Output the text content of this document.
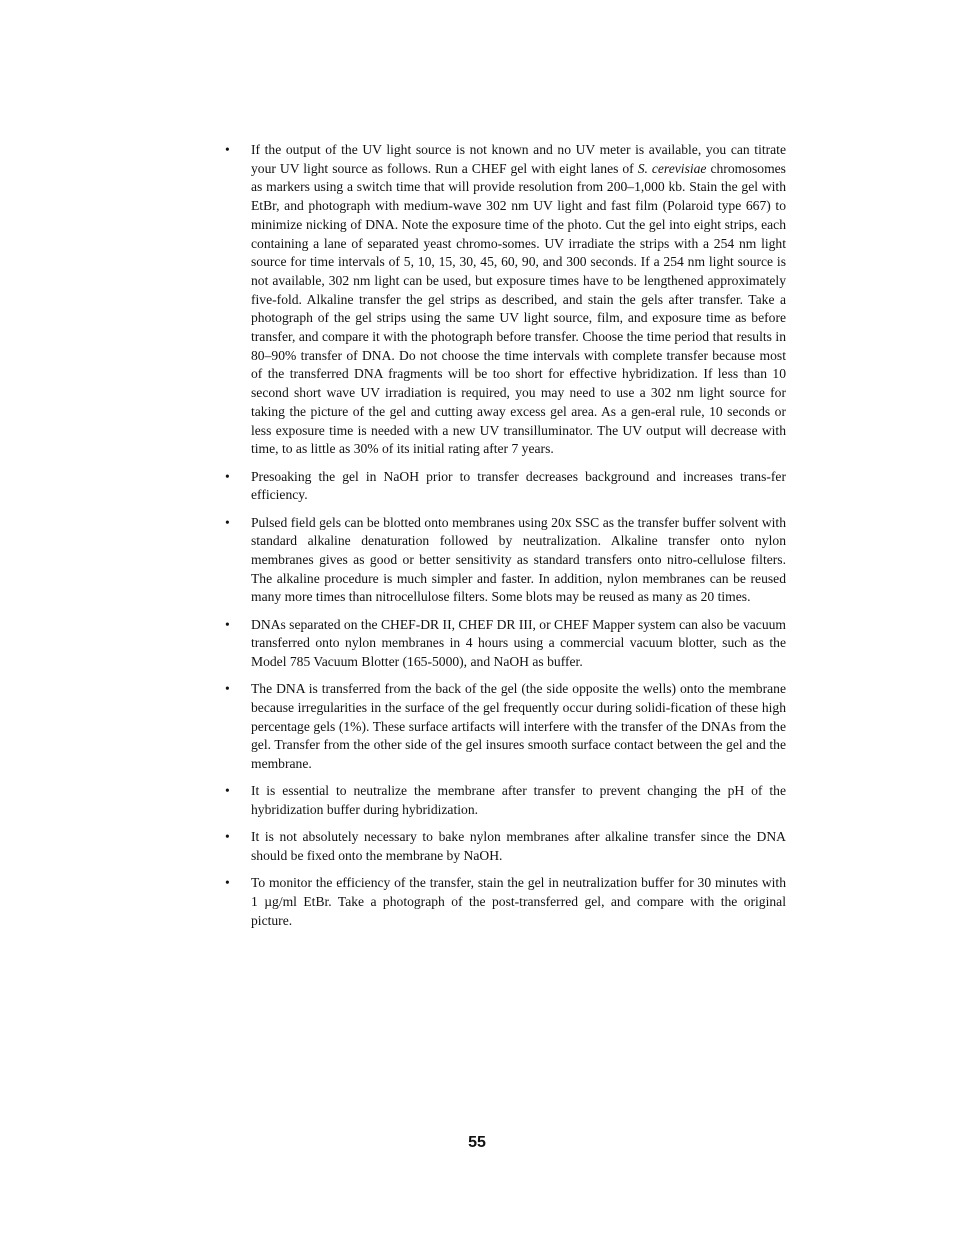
•	If the output of the UV light source is not known and no UV meter is available, you can titrate your UV light source as follows. Run a CHEF gel with eight lanes of S. cerevisiae chromosomes as markers using a switch time that will provide resolution from 200–1,000 kb. Stain the gel with EtBr, and photograph with medium-wave 302 nm UV light and fast film (Polaroid type 667) to minimize nicking of DNA. Note the exposure time of the photo. Cut the gel into eight strips, each containing a lane of separated yeast chromo-somes. UV irradiate the strips with a 254 nm light source for time intervals of 5, 10, 15, 30, 45, 60, 90, and 300 seconds. If a 254 nm light source is not available, 302 nm light can be used, but exposure times have to be lengthened approximately five-fold. Alkaline transfer the gel strips as described, and stain the gels after transfer. Take a photograph of the gel strips using the same UV light source, film, and exposure time as before transfer, and compare it with the photograph before transfer. Choose the time period that results in 80–90% transfer of DNA. Do not choose the time intervals with complete transfer because most of the transferred DNA fragments will be too short for effective hybridization. If less than 10 second short wave UV irradiation is required, you may need to use a 302 nm light source for taking the picture of the gel and cutting away excess gel area. As a gen-eral rule, 10 seconds or less exposure time is needed with a new UV transilluminator. The UV output will decrease with time, to as little as 30% of its initial rating after 7 years.
•	Presoaking the gel in NaOH prior to transfer decreases background and increases trans-fer efficiency.
•	Pulsed field gels can be blotted onto membranes using 20x SSC as the transfer buffer solvent with standard alkaline denaturation followed by neutralization. Alkaline transfer onto nylon membranes gives as good or better sensitivity as standard transfers onto nitro-cellulose filters. The alkaline procedure is much simpler and faster. In addition, nylon membranes can be reused many more times than nitrocellulose filters. Some blots may be reused as many as 20 times.
•	DNAs separated on the CHEF-DR II, CHEF DR III, or CHEF Mapper system can also be vacuum transferred onto nylon membranes in 4 hours using a commercial vacuum blotter, such as the Model 785 Vacuum Blotter (165-5000), and NaOH as buffer.
•	The DNA is transferred from the back of the gel (the side opposite the wells) onto the membrane because irregularities in the surface of the gel frequently occur during solidi-fication of these high percentage gels (1%). These surface artifacts will interfere with the transfer of the DNAs from the gel. Transfer from the other side of the gel insures smooth surface contact between the gel and the membrane.
•	It is essential to neutralize the membrane after transfer to prevent changing the pH of the hybridization buffer during hybridization.
•	It is not absolutely necessary to bake nylon membranes after alkaline transfer since the DNA should be fixed onto the membrane by NaOH.
•	To monitor the efficiency of the transfer, stain the gel in neutralization buffer for 30 minutes with 1 µg/ml EtBr. Take a photograph of the post-transferred gel, and compare with the original picture.
55
